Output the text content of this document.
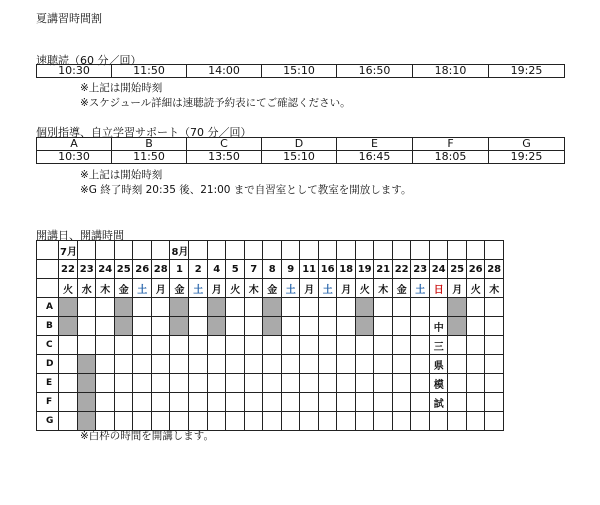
夏講習時間割
速聴読（60 分／回）
10:30	11:50	14:00	15:10	16:50	18:10	19:25
※上記は開始時刻
※スケジュール詳細は速聴読予約表にてご確認ください。
個別指導、自立学習サポート（70 分／回）
A	B	C	D	E	F	G
10:30	11:50	13:50	15:10	16:45	18:05	19:25
※上記は開始時刻
※G 終了時刻 20:35 後、21:00 まで自習室として教室を開放します。
開講日、開講時間
	7月						8月																	
	22	23	24	25	26	28	1	2	4	5	7	8	9	11	16	18	19	21	22	23	24	25	26	28
	火	水	木	金	土	月	金	土	月	火	木	金	土	月	土	月	火	木	金	土	日	月	火	木
A																								
B																					中			
C																					三			
D																					県			
E																					模			
F																					試			
G																								
※白枠の時間を開講します。
